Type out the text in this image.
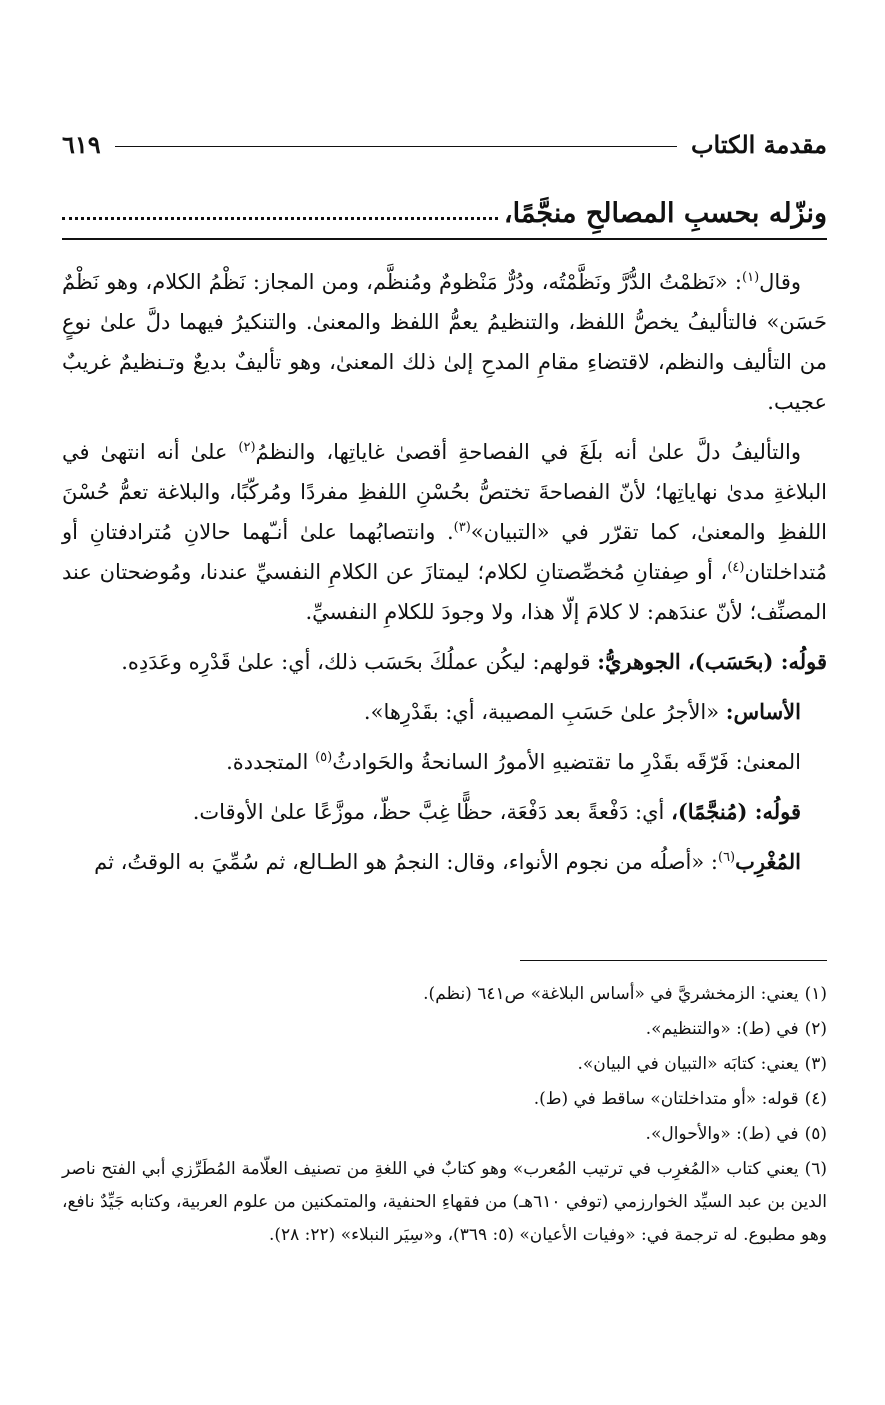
مقدمة الكتاب
٦١٩
ونزّله بحسبِ المصالحِ منجَّمًا،

وقال$^{(١)}$: «نَظمْتُ الدُّرَّ ونَظَّمْتُه، ودُرٌّ مَنْظومٌ ومُنظَّم، ومن المجاز: نَظْمُ الكلام، وهو نَظْمٌ حَسَن» فالتأليفُ يخصُّ اللفظ، والتنظيمُ يعمُّ اللفظ والمعنىٰ. والتنكيرُ فيهما دلَّ علىٰ نوعٍ من التأليف والنظم، لاقتضاءِ مقامِ المدحِ إلىٰ ذلك المعنىٰ، وهو تأليفٌ بديعٌ وتـنظيمٌ غريبٌ عجيب.

والتأليفُ دلَّ علىٰ أنه بلَغَ في الفصاحةِ أقصىٰ غاياتِها، والنظمُ$^{(٢)}$ علىٰ أنه انتهىٰ في البلاغةِ مدىٰ نهاياتِها؛ لأنّ الفصاحةَ تختصُّ بحُسْنِ اللفظِ مفردًا ومُركّبًا، والبلاغة تعمُّ حُسْنَ اللفظِ والمعنىٰ، كما تقرّر في «التبيان»$^{(٣)}$. وانتصابُهما علىٰ أنـّهما حالانِ مُترادفتانِ أو مُتداخلتان$^{(٤)}$، أو صِفتانِ مُخصِّصتانِ لكلام؛ ليمتازَ عن الكلامِ النفسيِّ عندنا، ومُوضحتان عند المصنِّف؛ لأنّ عندَهم: لا كلامَ إلّا هذا، ولا وجودَ للكلامِ النفسيِّ.

قولُه: (بحَسَب)، الجوهريُّ: قولهم: ليكُن عملُكَ بحَسَب ذلك، أي: علىٰ قَدْرِه وعَدَدِه.

الأساس: «الأجرُ علىٰ حَسَبِ المصيبة، أي: بقَدْرِها».

المعنىٰ: فَرّقَه بقَدْرِ ما تقتضيهِ الأمورُ السانحةُ والحَوادثُ$^{(٥)}$ المتجددة.

قولُه: (مُنجَّمًا)، أي: دَفْعةً بعد دَفْعَة، حظًّا غِبَّ حظّ، موزَّعًا علىٰ الأوقات.

المُغْرِب$^{(٦)}$: «أصلُه من نجوم الأنواء، وقال: النجمُ هو الطـالع، ثم سُمِّيَ به الوقتُ، ثم

(١)يعني: الزمخشريَّ في «أساس البلاغة» ص٦٤١ (نظم).

(٢)في (ط): «والتنظيم».

(٣)يعني: كتابَه «التبيان في البيان».

(٤)قوله: «أو متداخلتان» ساقط في (ط).

(٥)في (ط): «والأحوال».

(٦)يعني كتاب «المُغرِب في ترتيب المُعرب» وهو كتابٌ في اللغةِ من تصنيف العلّامة المُطَرِّزي أبي الفتح ناصر الدين بن عبد السيِّد الخوارزمي (توفي ٦١٠هـ) من فقهاءِ الحنفية، والمتمكنين من علوم العربية، وكتابه جَيِّدٌ نافع، وهو مطبوع. له ترجمة في: «وفيات الأعيان» (٥: ٣٦٩)، و«سِيَر النبلاء» (٢٢: ٢٨).
